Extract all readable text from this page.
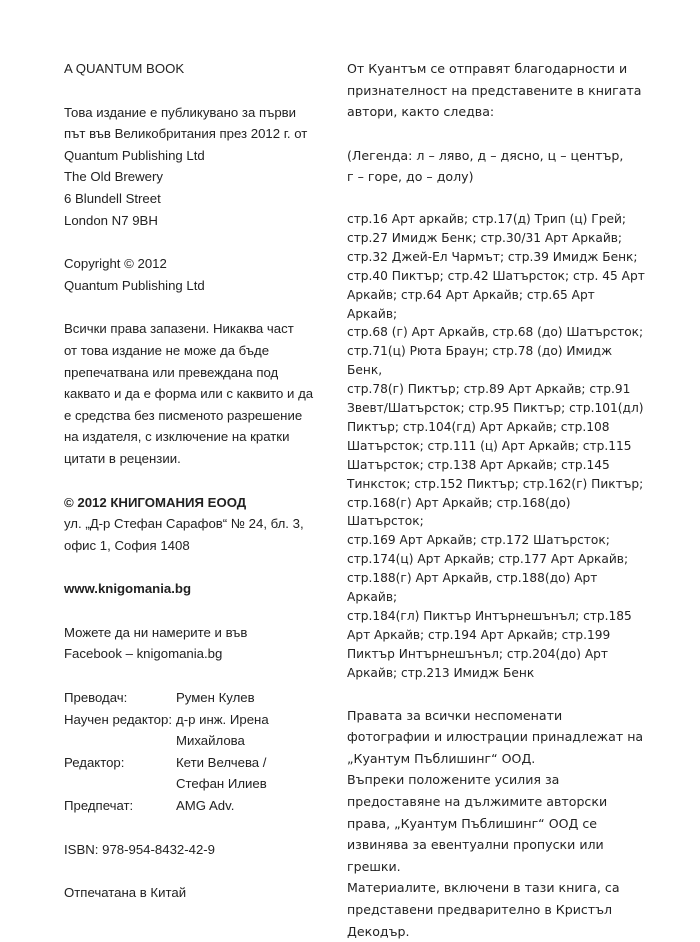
A QUANTUM BOOK

Това издание е публикувано за първи
път във Великобритания през 2012 г. от
Quantum Publishing Ltd
The Old Brewery
6 Blundell Street
London N7 9BH

Copyright © 2012
Quantum Publishing Ltd

Всички права запазени. Никаква част
от това издание не може да бъде
препечатвана или превеждана под
каквато и да е форма или с каквито и да
е средства без писменото разрешение
на издателя, с изключение на кратки
цитати в рецензии.

© 2012 КНИГОМАНИЯ ЕООД
ул. „Д-р Стефан Сарафов“ № 24, бл. 3,
офис 1, София 1408

www.knigomania.bg

Можете да ни намерите и във
Facebook – knigomania.bg

Преводач:	Румен Кулев
Научен редактор: д-р инж. Ирена
Михайлова
Редактор:	Кети Велчева /
Стефан Илиев
Предпечат:	AMG Adv.

ISBN: 978-954-8432-42-9

Отпечатана в Китай

От Куантъм се отправят благодарности и
признателност на представените в книгата
автори, както следва:

(Легенда: л – ляво, д – дясно, ц – център,
г – горе, до – долу)

стр.16 Арт аркайв; стр.17(д) Трип (ц) Грей;
стр.27 Имидж Бенк; стр.30/31 Арт Аркайв;
стр.32 Джей-Ел Чармът; стр.39 Имидж Бенк;
стр.40 Пиктър; стр.42 Шатърсток; стр. 45 Арт
Аркайв; стр.64 Арт Аркайв; стр.65 Арт Аркайв;
стр.68 (г) Арт Аркайв, стр.68 (до) Шатърсток;
стр.71(ц) Рюта Браун; стр.78 (до) Имидж Бенк,
стр.78(г) Пиктър; стр.89 Арт Аркайв; стр.91
Звевт/Шатърсток; стр.95 Пиктър; стр.101(дл)
Пиктър; стр.104(гд) Арт Аркайв; стр.108
Шатърсток; стр.111 (ц) Арт Аркайв; стр.115
Шатърсток; стр.138 Арт Аркайв; стр.145
Тинксток; стр.152 Пиктър; стр.162(г) Пиктър;
стр.168(г) Арт Аркайв; стр.168(до) Шатърсток;
стр.169 Арт Аркайв; стр.172 Шатърсток;
стр.174(ц) Арт Аркайв; стр.177 Арт Аркайв;
стр.188(г) Арт Аркайв, стр.188(до) Арт Аркайв;
стр.184(гл) Пиктър Интърнешънъл; стр.185
Арт Аркайв; стр.194 Арт Аркайв; стр.199
Пиктър Интърнешънъл; стр.204(до) Арт
Аркайв; стр.213 Имидж Бенк

Правата за всички неспоменати
фотографии и илюстрации принадлежат на
„Куантум Пъблишинг“ ООД.
Въпреки положените усилия за
предоставяне на дължимите авторски
права, „Куантум Пъблишинг“ ООД се
извинява за евентуални пропуски или
грешки.
Материалите, включени в тази книга, са
представени предварително в Кристъл
Декодър.
